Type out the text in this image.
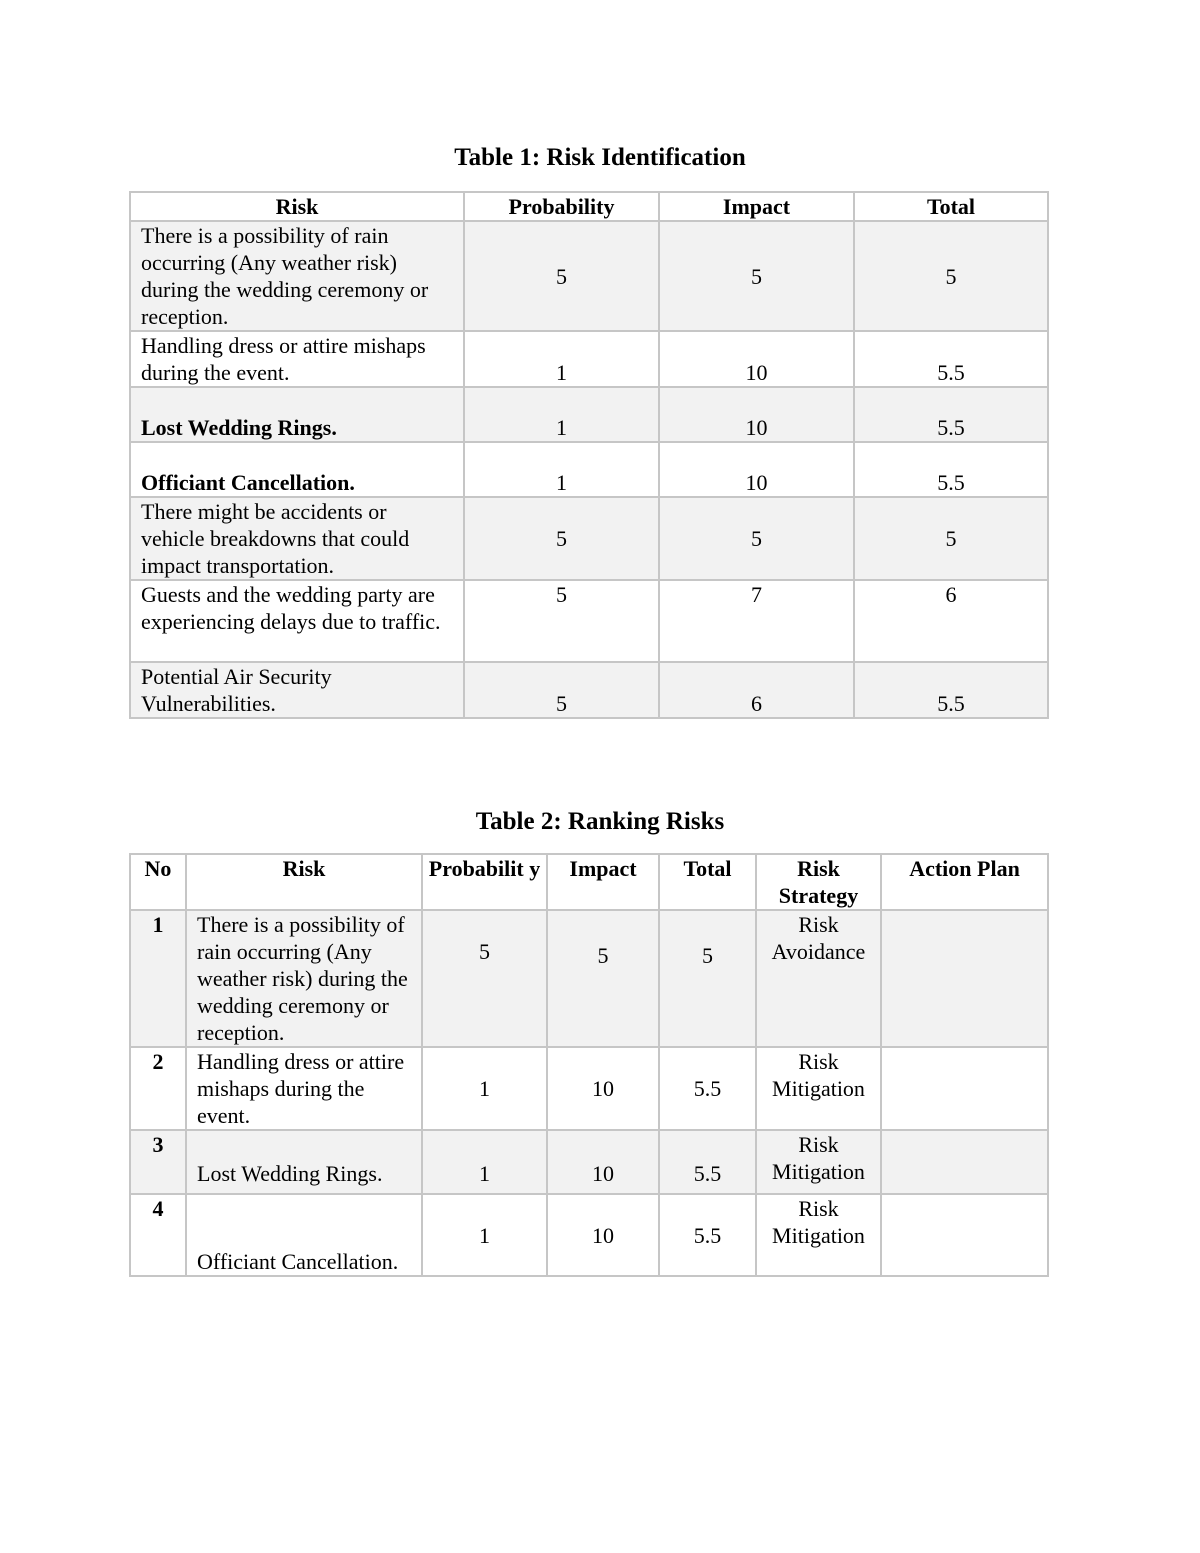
Table 1: Risk Identification
Risk	Probability	Impact	Total
There is a possibility of rain occurring (Any weather risk) during the wedding ceremony or reception.	5	5	5
Handling dress or attire mishaps during the event.	1	10	5.5
Lost Wedding Rings.	1	10	5.5
Officiant Cancellation.	1	10	5.5
There might be accidents or vehicle breakdowns that could impact transportation.	5	5	5
Guests and the wedding party are experiencing delays due to traffic.	5	7	6
Potential Air Security Vulnerabilities.	5	6	5.5
Table 2: Ranking Risks
No	Risk	Probabilit y	Impact	Total	Risk Strategy	Action Plan
1	There is a possibility of rain occurring (Any weather risk) during the wedding ceremony or reception.	5	5	5	Risk Avoidance	
2	Handling dress or attire mishaps during the event.	1	10	5.5	Risk Mitigation	
3	Lost Wedding Rings.	1	10	5.5	Risk Mitigation	
4	Officiant Cancellation.	1	10	5.5	Risk Mitigation	
